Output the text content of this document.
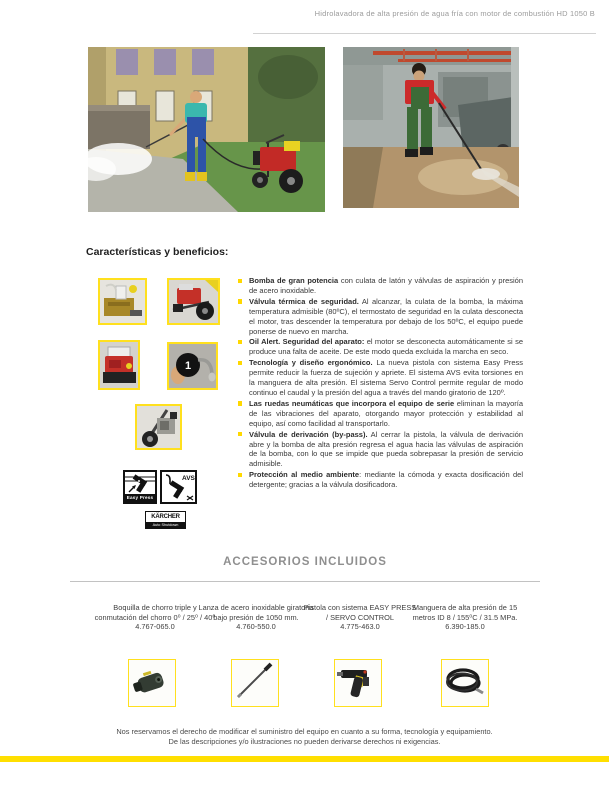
Hidrolavadora de alta presión de agua fría con motor de combustión HD 1050 B
Características y beneficios:
1
Easy Press
AVS
KÄRCHER
Auto Shutdown
Bomba de gran potencia con culata de latón y válvulas de aspiración y presión de acero inoxidable.
Válvula térmica de seguridad. Al alcanzar, la culata de la bomba, la máxima temperatura admisible (80ºC), el termostato de seguridad en la culata desconecta el motor, tras descender la temperatura por debajo de los 50ºC, el equipo puede ponerse de nuevo en marcha.
Oil Alert. Seguridad del aparato: el motor se desconecta automáticamente si se produce una falta de aceite. De este modo queda excluida la marcha en seco.
Tecnología y diseño ergonómico. La nueva pistola con sistema Easy Press permite reducir la fuerza de sujeción y apriete. El sistema AVS evita torsiones en la manguera de alta presión. El sistema Servo Control permite regular de modo continuo el caudal y la presión del agua a través del mando giratorio de 120º.
Las ruedas neumáticas que incorpora el equipo de serie eliminan la mayoría de las vibraciones del aparato, otorgando mayor protección y estabilidad al equipo, así como facilidad al transportarlo.
Válvula de derivación (by-pass). Al cerrar la pistola, la válvula de derivación abre y la bomba de alta presión regresa el agua hacia las válvulas de aspiración de la bomba, con lo que se impide que pueda sobrepasar la presión de servicio admisible.
Protección al medio ambiente: mediante la cómoda y exacta dosificación del detergente; gracias a la válvula dosificadora.
ACCESORIOS INCLUIDOS
Boquilla de chorro triple y conmutación del chorro 0⁰ / 25⁰ / 40⁰
4.767-065.0
Lanza de acero inoxidable giratoria bajo presión de 1050 mm.
4.760-550.0
Pistola con sistema EASY PRESS / SERVO CONTROL
4.775-463.0
Manguera de alta presión de 15 metros ID 8 / 155⁰C / 31.5 MPa.
6.390-185.0
Nos reservamos el derecho de modificar el suministro del equipo en cuanto a su forma, tecnología y equipamiento.
De las descripciones y/o ilustraciones no pueden derivarse derechos ni exigencias.
